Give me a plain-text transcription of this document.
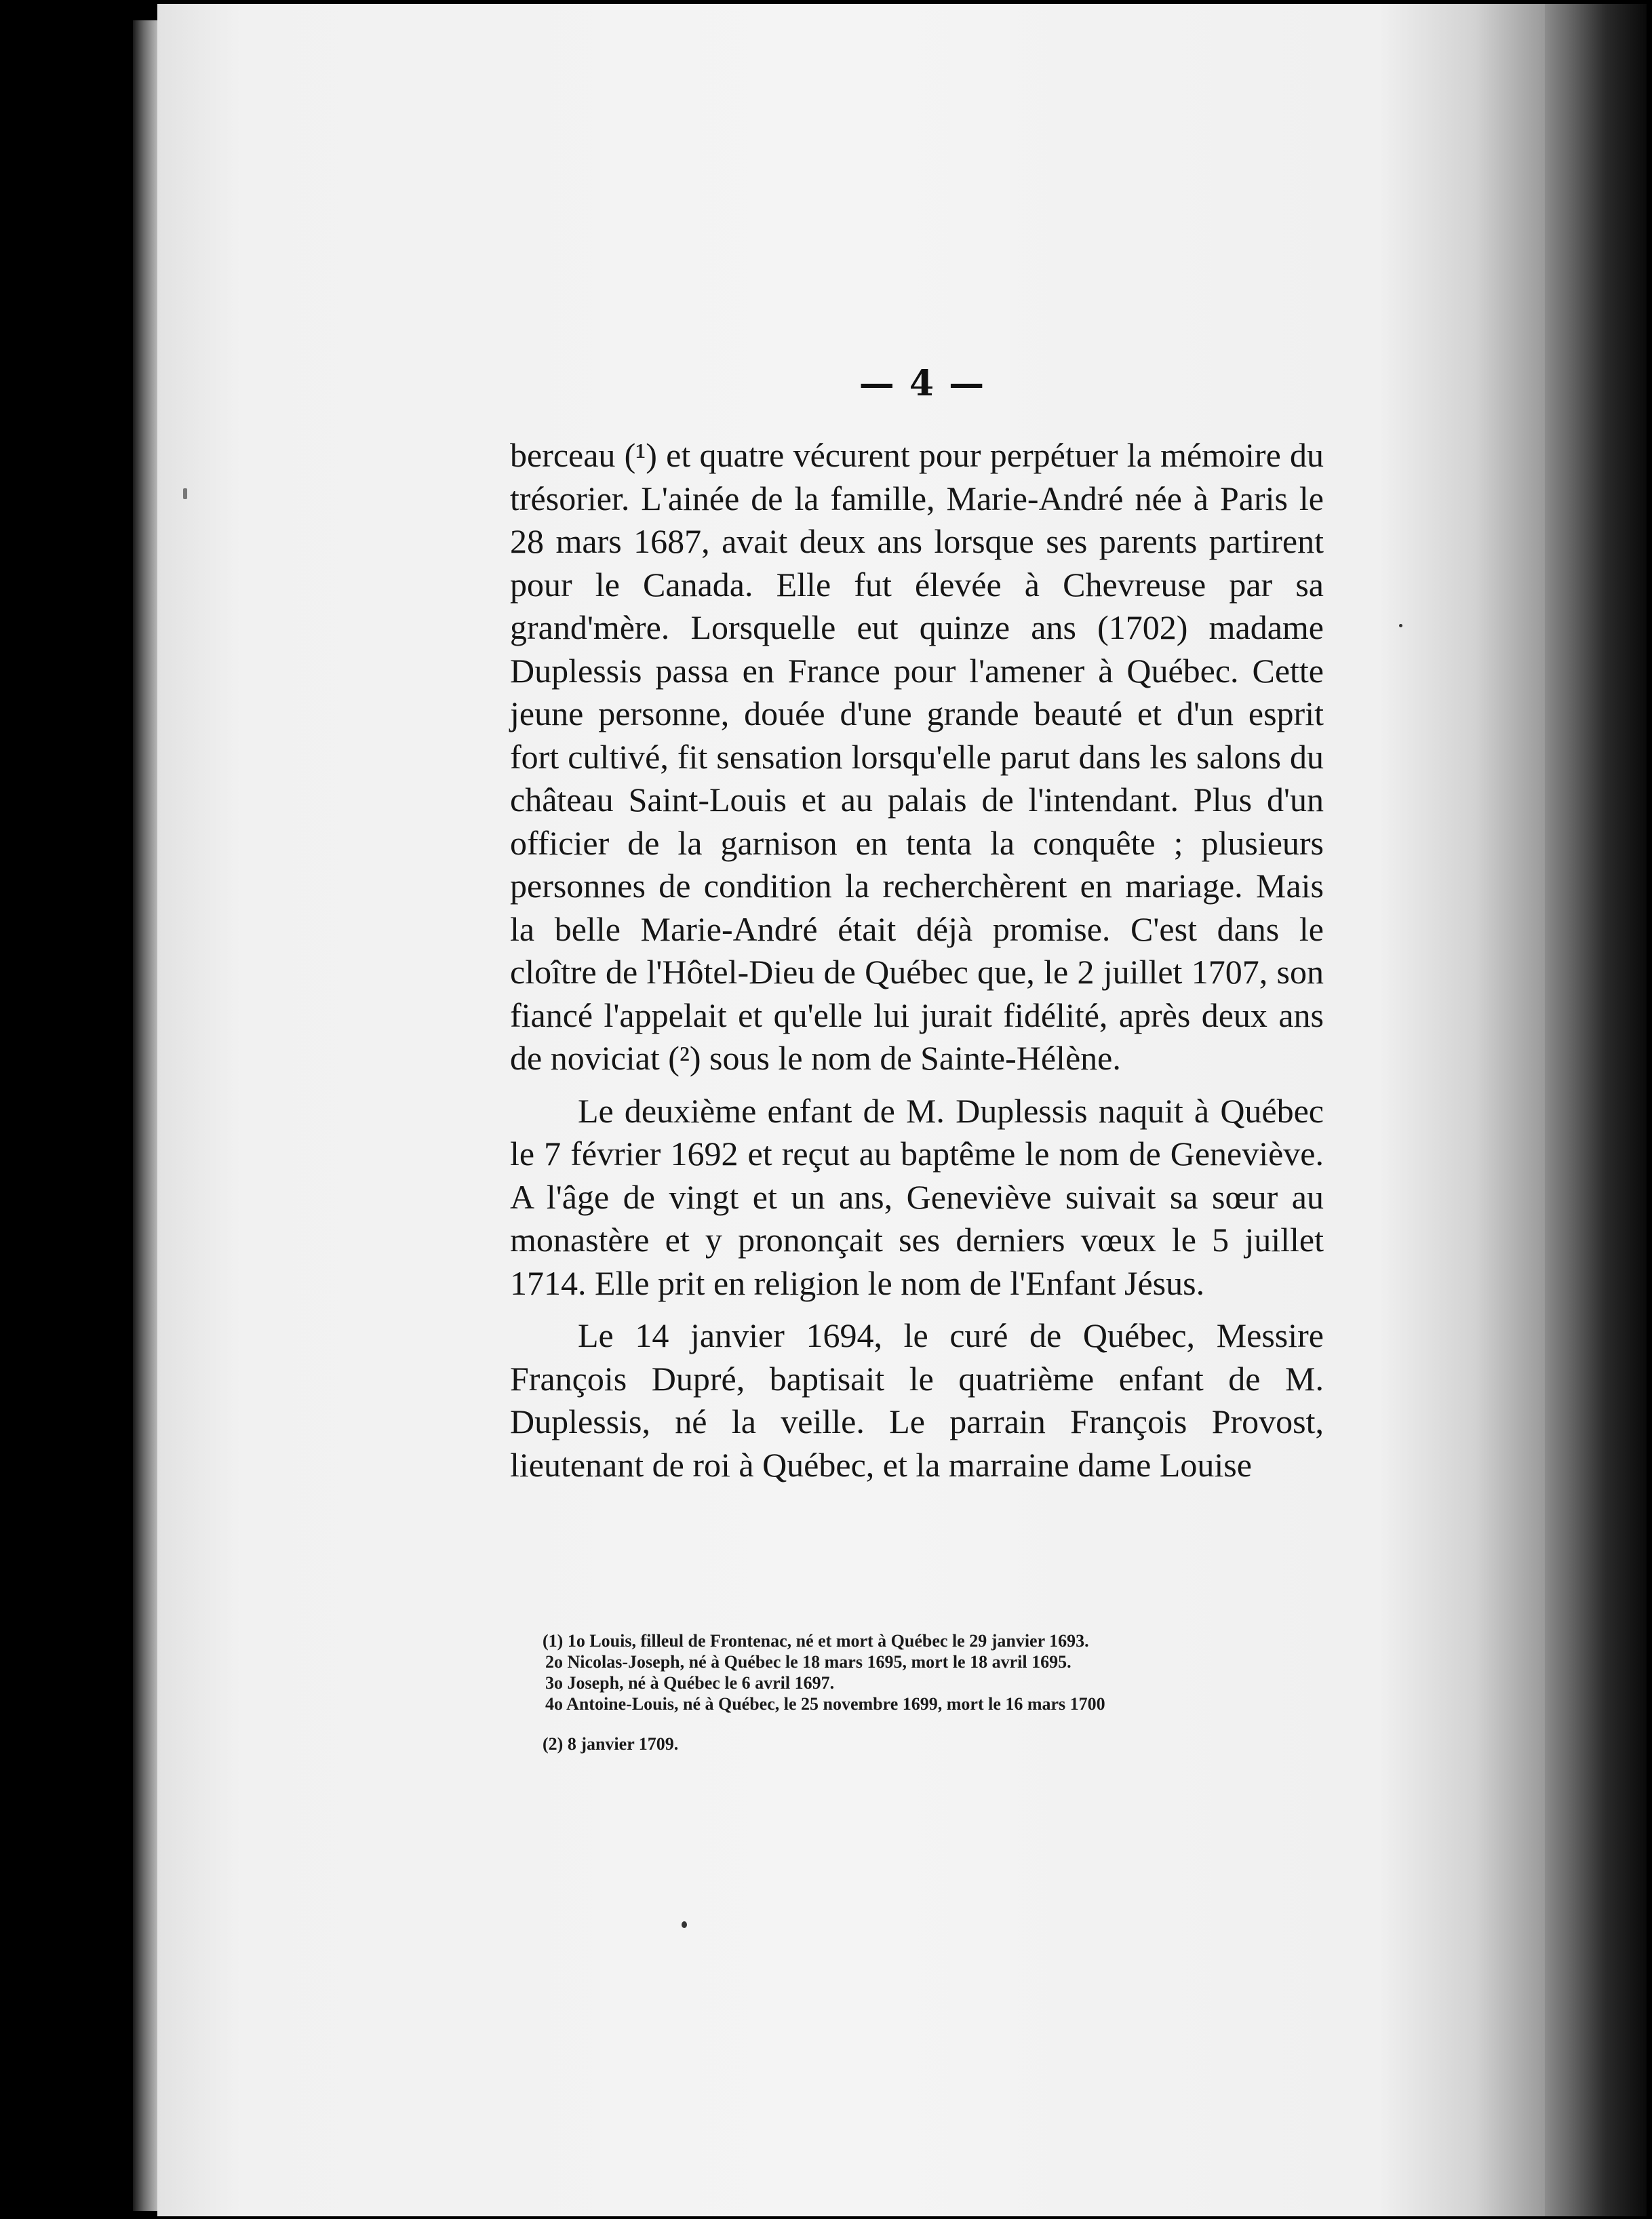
— 4 —

berceau (¹) et quatre vécurent pour perpétuer la mémoire du trésorier. L'ainée de la famille, Marie-André née à Paris le 28 mars 1687, avait deux ans lorsque ses parents partirent pour le Canada. Elle fut élevée à Chevreuse par sa grand'mère. Lorsquelle eut quinze ans (1702) madame Duplessis passa en France pour l'amener à Québec. Cette jeune personne, douée d'une grande beauté et d'un esprit fort cultivé, fit sensation lorsqu'elle parut dans les salons du château Saint-Louis et au palais de l'intendant. Plus d'un officier de la garnison en tenta la conquête ; plusieurs personnes de condition la recherchèrent en mariage. Mais la belle Marie-André était déjà promise. C'est dans le cloître de l'Hôtel-Dieu de Québec que, le 2 juillet 1707, son fiancé l'appelait et qu'elle lui jurait fidélité, après deux ans de noviciat (²) sous le nom de Sainte-Hélène.

Le deuxième enfant de M. Duplessis naquit à Québec le 7 février 1692 et reçut au baptême le nom de Geneviève. A l'âge de vingt et un ans, Geneviève suivait sa sœur au monastère et y prononçait ses derniers vœux le 5 juillet 1714. Elle prit en religion le nom de l'Enfant Jésus.

Le 14 janvier 1694, le curé de Québec, Messire François Dupré, baptisait le quatrième enfant de M. Duplessis, né la veille. Le parrain François Provost, lieutenant de roi à Québec, et la marraine dame Louise

(1) 1o Louis, filleul de Frontenac, né et mort à Québec le 29 janvier 1693.

2o Nicolas-Joseph, né à Québec le 18 mars 1695, mort le 18 avril 1695.

3o Joseph, né à Québec le 6 avril 1697.

4o Antoine-Louis, né à Québec, le 25 novembre 1699, mort le 16 mars 1700

(2) 8 janvier 1709.
